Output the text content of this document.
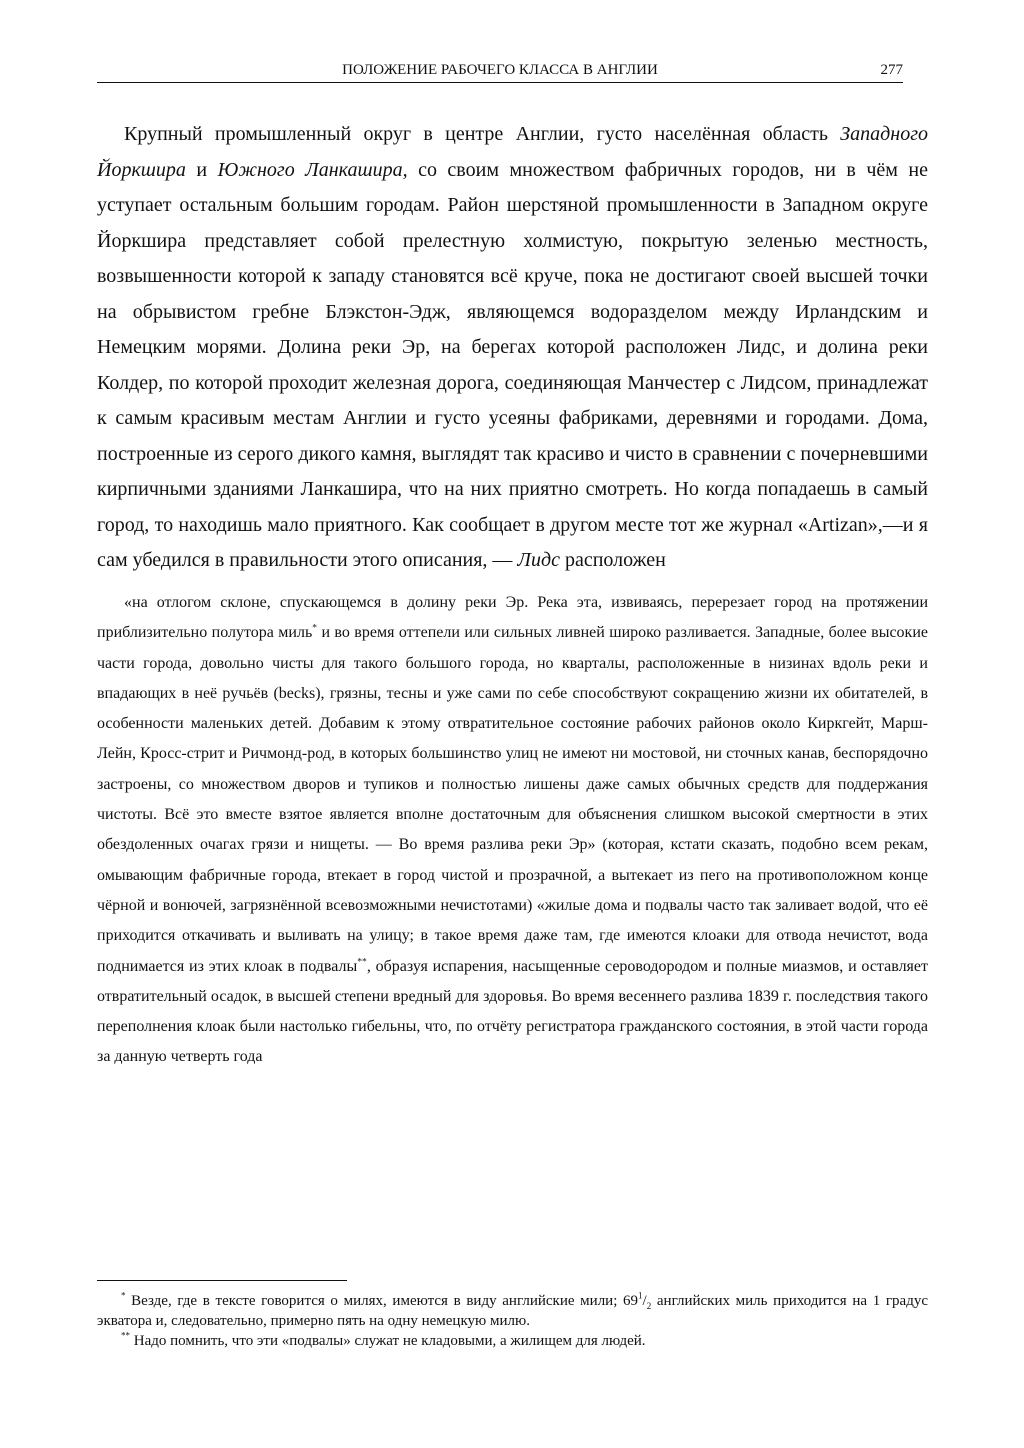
ПОЛОЖЕНИЕ РАБОЧЕГО КЛАССА В АНГЛИИ	277

Крупный промышленный округ в центре Англии, густо населённая область Западного Йоркшира и Южного Ланкашира, со своим множеством фабричных городов, ни в чём не уступает остальным большим городам. Район шерстяной промышленности в Западном округе Йоркшира представляет собой прелестную холмистую, покрытую зеленью местность, возвышенности которой к западу становятся всё круче, пока не достигают своей высшей точки на обрывистом гребне Блэкстон-Эдж, являющемся водоразделом между Ирландским и Немецким морями. Долина реки Эр, на берегах которой расположен Лидс, и долина реки Колдер, по которой проходит железная дорога, соединяющая Манчестер с Лидсом, принадлежат к самым красивым местам Англии и густо усеяны фабриками, деревнями и городами. Дома, построенные из серого дикого камня, выглядят так красиво и чисто в сравнении с почерневшими кирпичными зданиями Ланкашира, что на них приятно смотреть. Но когда попадаешь в самый город, то находишь мало приятного. Как сообщает в другом месте тот же журнал «Artizan»,—и я сам убедился в правильности этого описания, — Лидс расположен

«на отлогом склоне, спускающемся в долину реки Эр. Река эта, извиваясь, перерезает город на протяжении приблизительно полутора миль* и во время оттепели или сильных ливней широко разливается. Западные, более высокие части города, довольно чисты для такого большого города, но кварталы, расположенные в низинах вдоль реки и впадающих в неё ручьёв (becks), грязны, тесны и уже сами по себе способствуют сокращению жизни их обитателей, в особенности маленьких детей. Добавим к этому отвратительное состояние рабочих районов около Киркгейт, Марш-Лейн, Кросс-стрит и Ричмонд-род, в которых большинство улиц не имеют ни мостовой, ни сточных канав, беспорядочно застроены, со множеством дворов и тупиков и полностью лишены даже самых обычных средств для поддержания чистоты. Всё это вместе взятое является вполне достаточным для объяснения слишком высокой смертности в этих обездоленных очагах грязи и нищеты. — Во время разлива реки Эр» (которая, кстати сказать, подобно всем рекам, омывающим фабричные города, втекает в город чистой и прозрачной, а вытекает из пего на противоположном конце чёрной и вонючей, загрязнённой всевозможными нечистотами) «жилые дома и подвалы часто так заливает водой, что её приходится откачивать и выливать на улицу; в такое время даже там, где имеются клоаки для отвода нечистот, вода поднимается из этих клоак в подвалы**, образуя испарения, насыщенные сероводородом и полные миазмов, и оставляет отвратительный осадок, в высшей степени вредный для здоровья. Во время весеннего разлива 1839 г. последствия такого переполнения клоак были настолько гибельны, что, по отчёту регистратора гражданского состояния, в этой части города за данную четверть года

* Везде, где в тексте говорится о милях, имеются в виду английские мили; $69^1/_2$ английских миль приходится на 1 градус экватора и, следовательно, примерно пять на одну немецкую милю.

** Надо помнить, что эти «подвалы» служат не кладовыми, а жилищем для людей.
